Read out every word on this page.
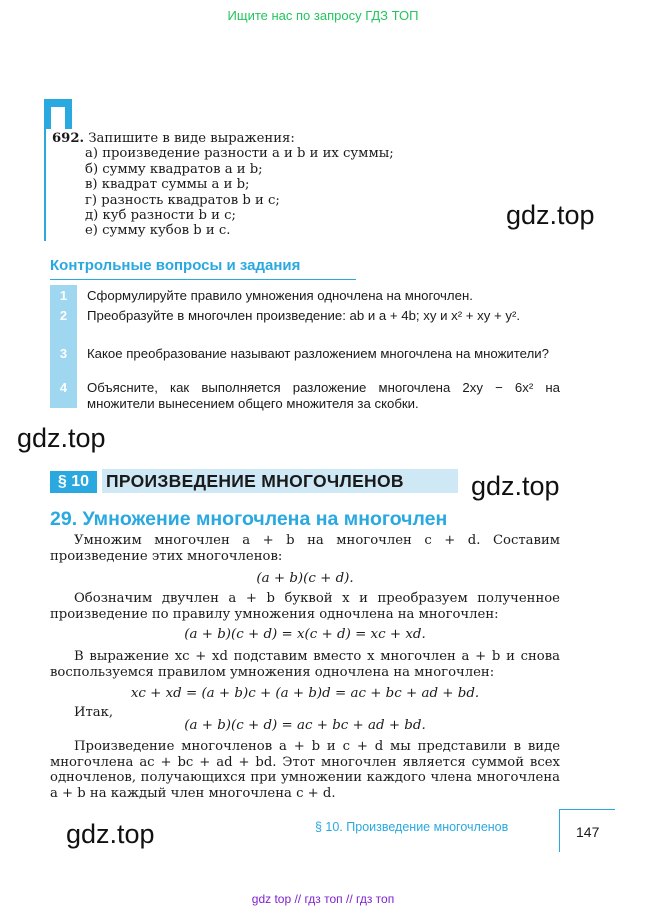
Ищите нас по запросу ГДЗ ТОП
692. Запишите в виде выражения:
а) произведение разности a и b и их суммы;
б) сумму квадратов a и b;
в) квадрат суммы a и b;
г) разность квадратов b и c;
д) куб разности b и c;
е) сумму кубов b и c.
gdz.top
gdz.top
gdz.top
gdz.top
Контрольные вопросы и задания
1	Сформулируйте правило умножения одночлена на многочлен.
2	Преобразуйте в многочлен произведение: ab и a + 4b; xy и x² + xy + y².
3	Какое преобразование называют разложением многочлена на множители?
4	Объясните, как выполняется разложение многочлена 2xy − 6x² на множители вынесением общего множителя за скобки.
§ 10 ПРОИЗВЕДЕНИЕ МНОГОЧЛЕНОВ
29. Умножение многочлена на многочлен
Умножим многочлен a + b на многочлен c + d. Составим произведение этих многочленов:
(a + b)(c + d).
Обозначим двучлен a + b буквой x и преобразуем полученное произведение по правилу умножения одночлена на многочлен:
(a + b)(c + d) = x(c + d) = xc + xd.
В выражение xc + xd подставим вместо x многочлен a + b и снова воспользуемся правилом умножения одночлена на многочлен:
xc + xd = (a + b)c + (a + b)d = ac + bc + ad + bd.
Итак,
(a + b)(c + d) = ac + bc + ad + bd.
Произведение многочленов a + b и c + d мы представили в виде многочлена ac + bc + ad + bd. Этот многочлен является суммой всех одночленов, получающихся при умножении каждого члена многочлена a + b на каждый член многочлена c + d.
§ 10. Произведение многочленов	147
gdz top // гдз топ // гдз топ
